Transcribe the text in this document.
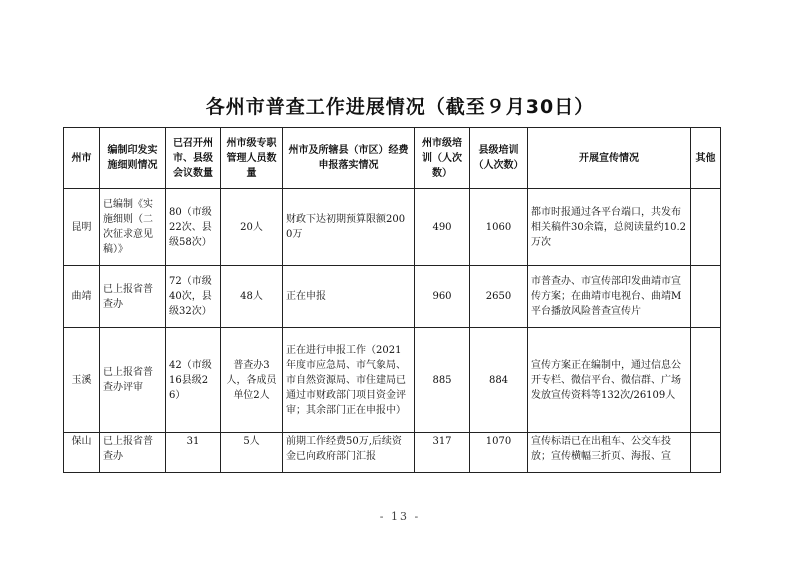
各州市普查工作进展情况（截至９月30日）
州市	编制印发实施细则情况	已召开州市、县级会议数量	州市级专职管理人员数量	州市及所辖县（市区）经费申报落实情况	州市级培训（人次数）	县级培训（人次数）	开展宣传情况	其他
昆明	已编制《实施细则（二次征求意见稿）》	80（市级22次、县级58次）	20人	财政下达初期预算限额2000万	490	1060	都市时报通过各平台端口，共发布相关稿件30余篇，总阅读量约10.2万次	
曲靖	已上报省普查办	72（市级40次，县级32次）	48人	正在申报	960	2650	市普查办、市宣传部印发曲靖市宣传方案；在曲靖市电视台、曲靖M平台播放风险普查宣传片	
玉溪	已上报省普查办评审	42（市级16县级26）	普查办3人，各成员单位2人	正在进行申报工作（2021年度市应急局、市气象局、市自然资源局、市住建局已通过市财政部门项目资金评审；其余部门正在申报中）	885	884	宣传方案正在编制中，通过信息公开专栏、微信平台、微信群、广场发放宣传资料等132次/26109人	
保山	已上报省普查办	31	5人	前期工作经费50万,后续资金已向政府部门汇报	317	1070	宣传标语已在出租车、公交车投放；宣传横幅三折页、海报、宣	
- 13 -
